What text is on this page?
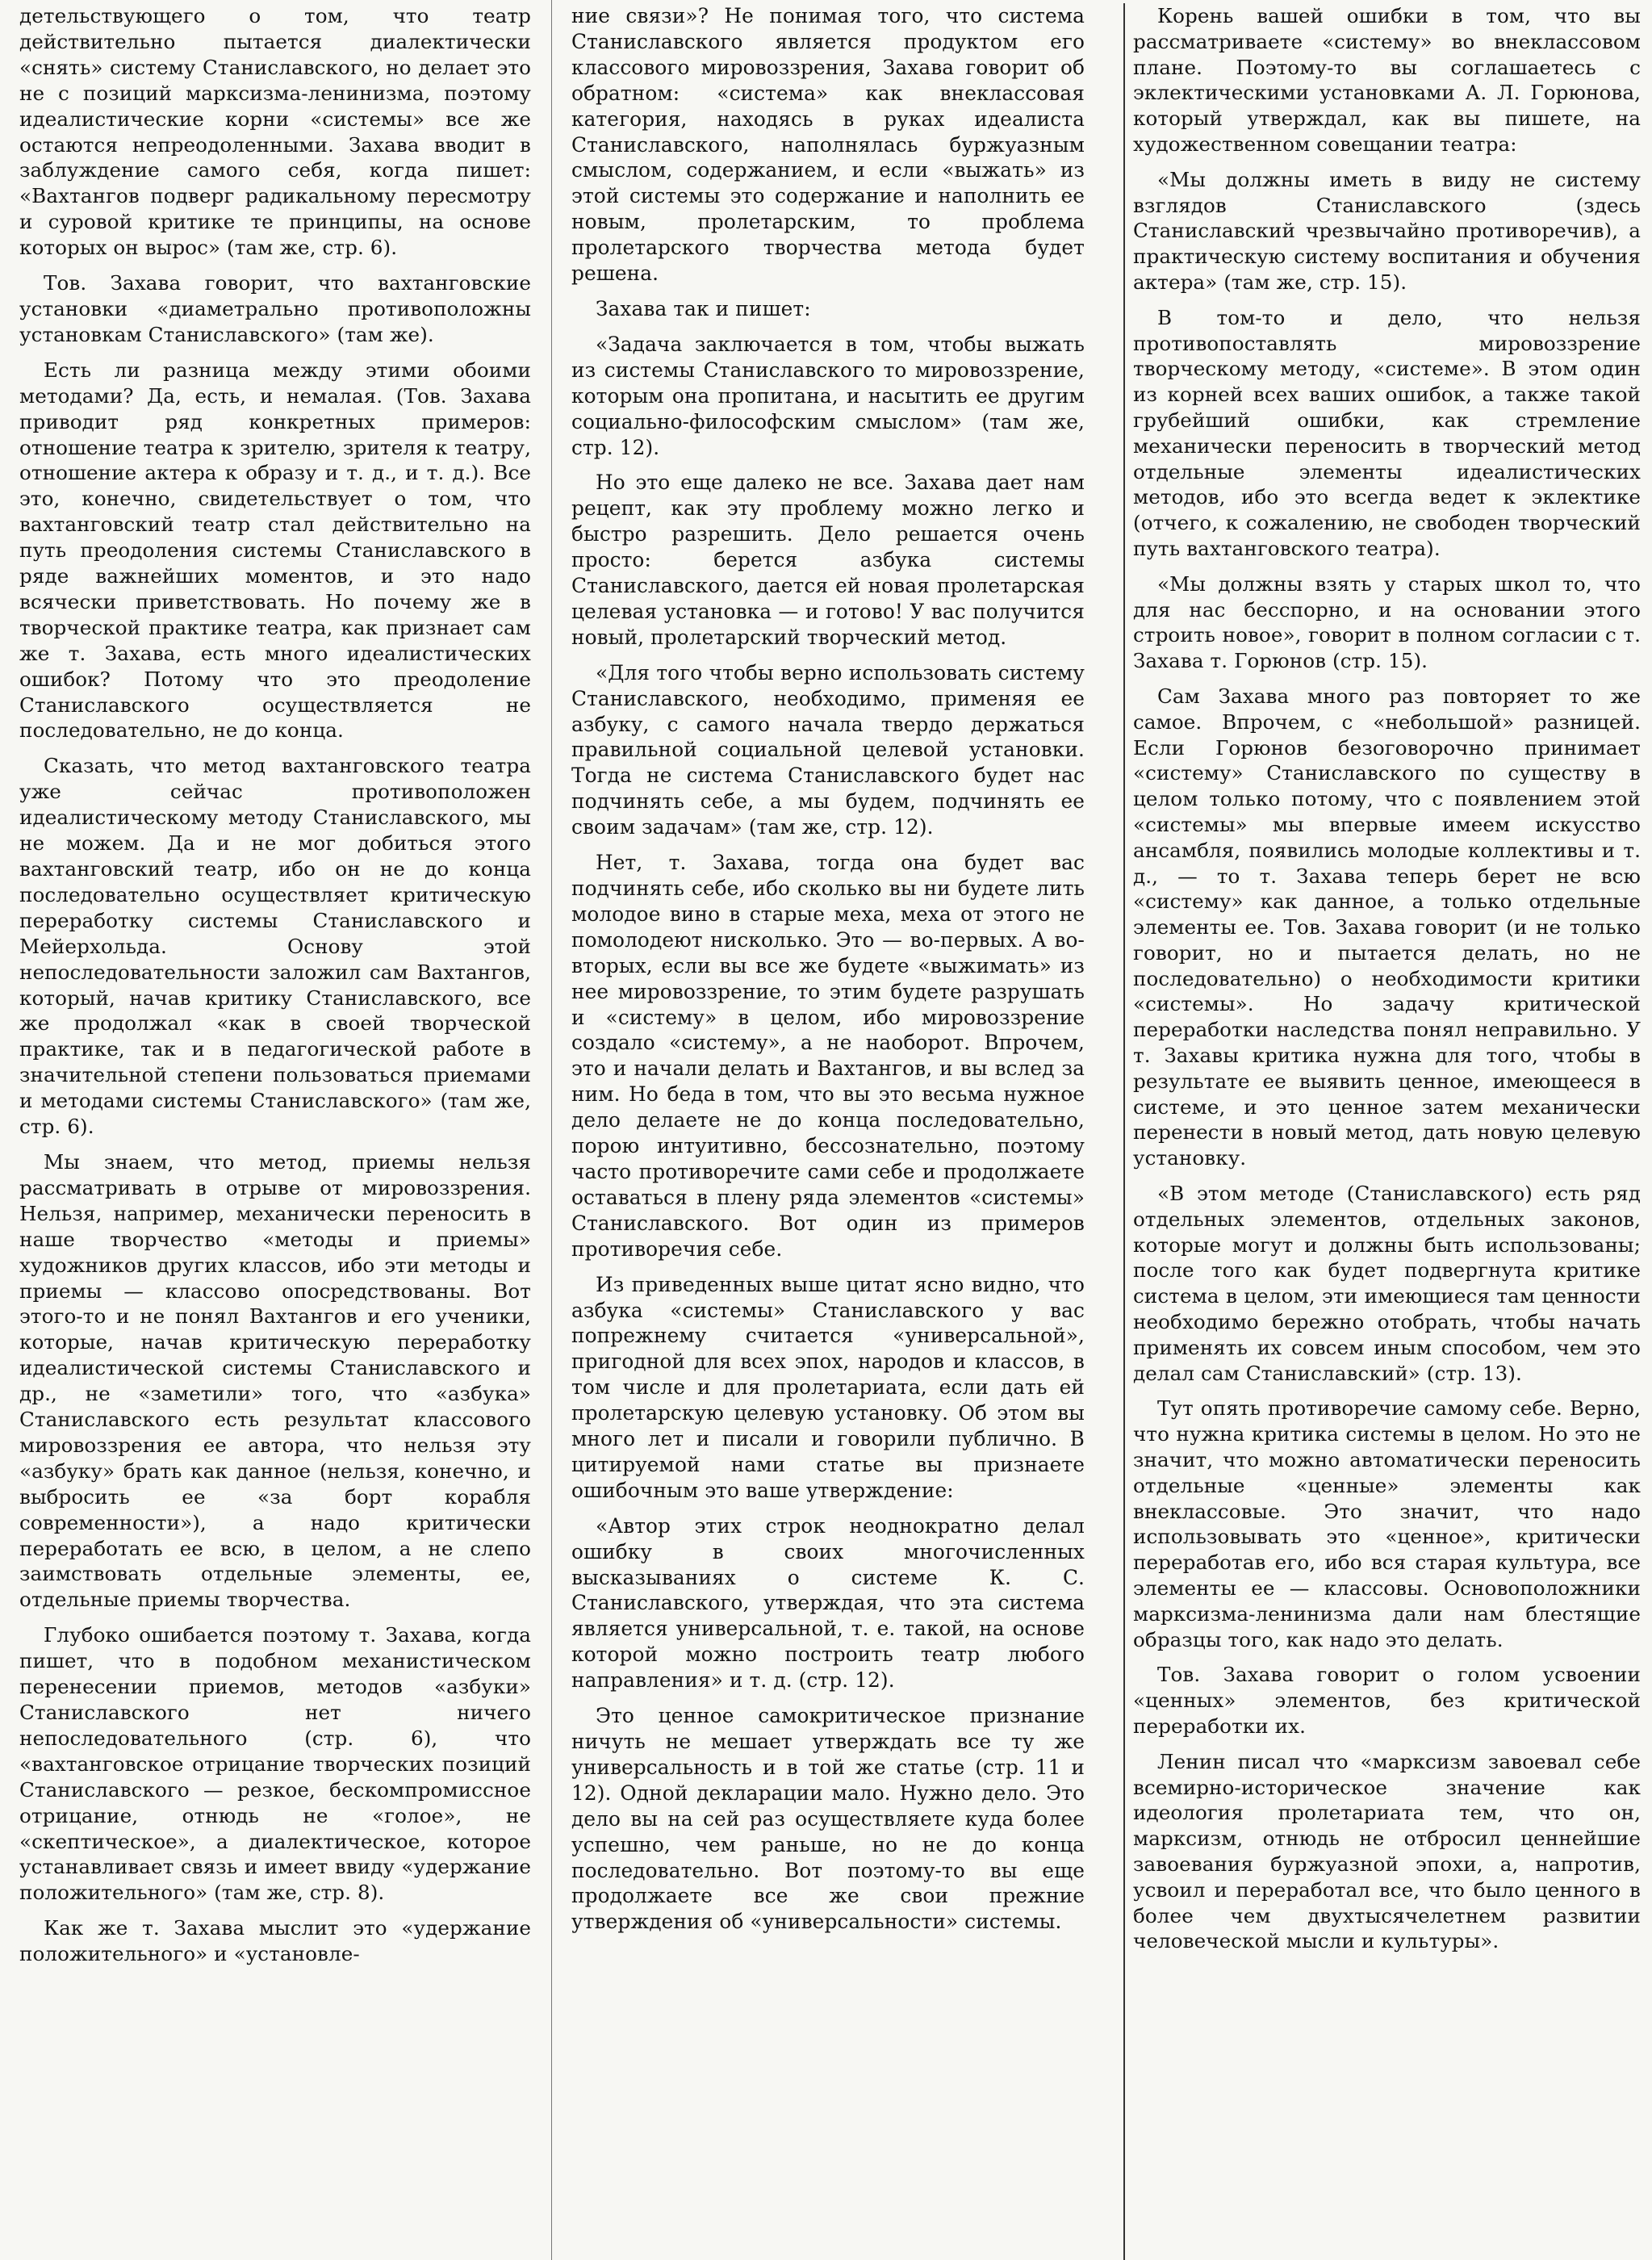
детельствующего о том, что театр действительно пытается диалектически «снять» систему Станиславского, но делает это не с позиций марксизма-ленинизма, поэтому идеалистические корни «системы» все же остаются непреодоленными. Захава вводит в заблуждение самого себя, когда пишет: «Вахтангов подверг радикальному пересмотру и суровой критике те принципы, на основе которых он вырос» (там же, стр. 6).

Тов. Захава говорит, что вахтанговские установки «диаметрально противоположны установкам Станиславского» (там же).

Есть ли разница между этими обоими методами? Да, есть, и немалая. (Тов. Захава приводит ряд конкретных примеров: отношение театра к зрителю, зрителя к театру, отношение актера к образу и т. д., и т. д.). Все это, конечно, свидетельствует о том, что вахтанговский театр стал действительно на путь преодоления системы Станиславского в ряде важнейших моментов, и это надо всячески приветствовать. Но почему же в творческой практике театра, как признает сам же т. Захава, есть много идеалистических ошибок? Потому что это преодоление Станиславского осуществляется не последовательно, не до конца.

Сказать, что метод вахтанговского театра уже сейчас противоположен идеалистическому методу Станиславского, мы не можем. Да и не мог добиться этого вахтанговский театр, ибо он не до конца последовательно осуществляет критическую переработку системы Станиславского и Мейерхольда. Основу этой непоследовательности заложил сам Вахтангов, который, начав критику Станиславского, все же продолжал «как в своей творческой практике, так и в педагогической работе в значительной степени пользоваться приемами и методами системы Станиславского» (там же, стр. 6).

Мы знаем, что метод, приемы нельзя рассматривать в отрыве от мировоззрения. Нельзя, например, механически переносить в наше творчество «методы и приемы» художников других классов, ибо эти методы и приемы — классово опосредствованы. Вот этого-то и не понял Вахтангов и его ученики, которые, начав критическую переработку идеалистической системы Станиславского и др., не «заметили» того, что «азбука» Станиславского есть результат классового мировоззрения ее автора, что нельзя эту «азбуку» брать как данное (нельзя, конечно, и выбросить ее «за борт корабля современности»), а надо критически переработать ее всю, в целом, а не слепо заимствовать отдельные элементы, ее, отдельные приемы творчества.

Глубоко ошибается поэтому т. Захава, когда пишет, что в подобном механистическом перенесении приемов, методов «азбуки» Станиславского нет ничего непоследовательного (стр. 6), что «вахтанговское отрицание творческих позиций Станиславского — резкое, бескомпромиссное отрицание, отнюдь не «голое», не «скептическое», а диалектическое, которое устанавливает связь и имеет ввиду «удержание положительного» (там же, стр. 8).

Как же т. Захава мыслит это «удержание положительного» и «установле-

ние связи»? Не понимая того, что система Станиславского является продуктом его классового мировоззрения, Захава говорит об обратном: «система» как внеклассовая категория, находясь в руках идеалиста Станиславского, наполнялась буржуазным смыслом, содержанием, и если «выжать» из этой системы это содержание и наполнить ее новым, пролетарским, то проблема пролетарского творчества метода будет решена.

Захава так и пишет:

«Задача заключается в том, чтобы выжать из системы Станиславского то мировоззрение, которым она пропитана, и насытить ее другим социально-философским смыслом» (там же, стр. 12).

Но это еще далеко не все. Захава дает нам рецепт, как эту проблему можно легко и быстро разрешить. Дело решается очень просто: берется азбука системы Станиславского, дается ей новая пролетарская целевая установка — и готово! У вас получится новый, пролетарский творческий метод.

«Для того чтобы верно использовать систему Станиславского, необходимо, применяя ее азбуку, с самого начала твердо держаться правильной социальной целевой установки. Тогда не система Станиславского будет нас подчинять себе, а мы будем, подчинять ее своим задачам» (там же, стр. 12).

Нет, т. Захава, тогда она будет вас подчинять себе, ибо сколько вы ни будете лить молодое вино в старые меха, меха от этого не помолодеют нисколько. Это — во-первых. А во-вторых, если вы все же будете «выжимать» из нее мировоззрение, то этим будете разрушать и «систему» в целом, ибо мировоззрение создало «систему», а не наоборот. Впрочем, это и начали делать и Вахтангов, и вы вслед за ним. Но беда в том, что вы это весьма нужное дело делаете не до конца последовательно, порою интуитивно, бессознательно, поэтому часто противоречите сами себе и продолжаете оставаться в плену ряда элементов «системы» Станиславского. Вот один из примеров противоречия себе.

Из приведенных выше цитат ясно видно, что азбука «системы» Станиславского у вас попрежнему считается «универсальной», пригодной для всех эпох, народов и классов, в том числе и для пролетариата, если дать ей пролетарскую целевую установку. Об этом вы много лет и писали и говорили публично. В цитируемой нами статье вы признаете ошибочным это ваше утверждение:

«Автор этих строк неоднократно делал ошибку в своих многочисленных высказываниях о системе К. С. Станиславского, утверждая, что эта система является универсальной, т. е. такой, на основе которой можно построить театр любого направления» и т. д. (стр. 12).

Это ценное самокритическое признание ничуть не мешает утверждать все ту же универсальность и в той же статье (стр. 11 и 12). Одной декларации мало. Нужно дело. Это дело вы на сей раз осуществляете куда более успешно, чем раньше, но не до конца последовательно. Вот поэтому-то вы еще продолжаете все же свои прежние утверждения об «универсальности» системы.

Корень вашей ошибки в том, что вы рассматриваете «систему» во внеклассовом плане. Поэтому-то вы соглашаетесь с эклектическими установками А. Л. Горюнова, который утверждал, как вы пишете, на художественном совещании театра:

«Мы должны иметь в виду не систему взглядов Станиславского (здесь Станиславский чрезвычайно противоречив), а практическую систему воспитания и обучения актера» (там же, стр. 15).

В том-то и дело, что нельзя противопоставлять мировоззрение творческому методу, «системе». В этом один из корней всех ваших ошибок, а также такой грубейший ошибки, как стремление механически переносить в творческий метод отдельные элементы идеалистических методов, ибо это всегда ведет к эклектике (отчего, к сожалению, не свободен творческий путь вахтанговского театра).

«Мы должны взять у старых школ то, что для нас бесспорно, и на основании этого строить новое», говорит в полном согласии с т. Захава т. Горюнов (стр. 15).

Сам Захава много раз повторяет то же самое. Впрочем, с «небольшой» разницей. Если Горюнов безоговорочно принимает «систему» Станиславского по существу в целом только потому, что с появлением этой «системы» мы впервые имеем искусство ансамбля, появились молодые коллективы и т. д., — то т. Захава теперь берет не всю «систему» как данное, а только отдельные элементы ее. Тов. Захава говорит (и не только говорит, но и пытается делать, но не последовательно) о необходимости критики «системы». Но задачу критической переработки наследства понял неправильно. У т. Захавы критика нужна для того, чтобы в результате ее выявить ценное, имеющееся в системе, и это ценное затем механически перенести в новый метод, дать новую целевую установку.

«В этом методе (Станиславского) есть ряд отдельных элементов, отдельных законов, которые могут и должны быть использованы; после того как будет подвергнута критике система в целом, эти имеющиеся там ценности необходимо бережно отобрать, чтобы начать применять их совсем иным способом, чем это делал сам Станиславский» (стр. 13).

Тут опять противоречие самому себе. Верно, что нужна критика системы в целом. Но это не значит, что можно автоматически переносить отдельные «ценные» элементы как внеклассовые. Это значит, что надо использовывать это «ценное», критически переработав его, ибо вся старая культура, все элементы ее — классовы. Основоположники марксизма-ленинизма дали нам блестящие образцы того, как надо это делать.

Тов. Захава говорит о голом усвоении «ценных» элементов, без критической переработки их.

Ленин писал что «марксизм завоевал себе всемирно-историческое значение как идеология пролетариата тем, что он, марксизм, отнюдь не отбросил ценнейшие завоевания буржуазной эпохи, а, напротив, усвоил и переработал все, что было ценного в более чем двухтысячелетнем развитии человеческой мысли и культуры».
